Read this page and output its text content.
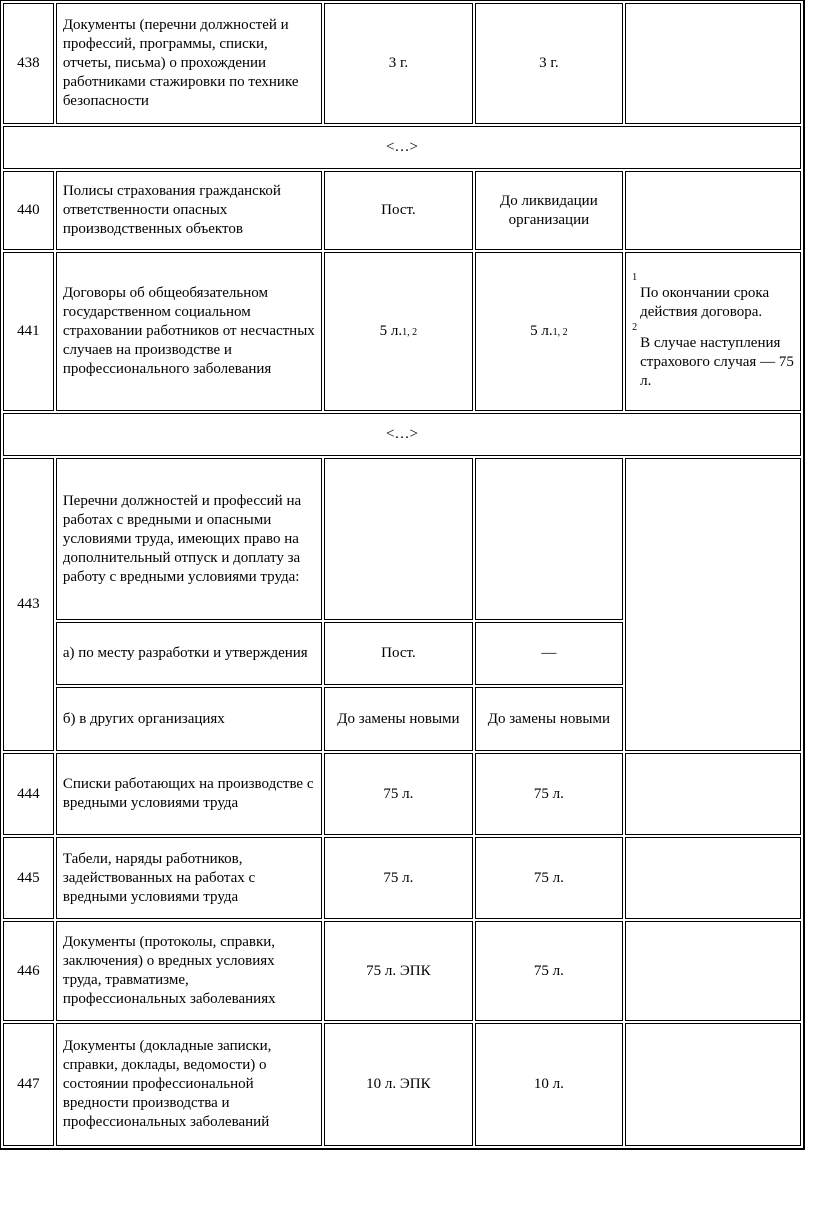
438	Документы (перечни должностей и профессий, программы, списки, отчеты, письма) о прохождении работниками стажировки по технике безопасности	3 г.	3 г.	
<…>				
440	Полисы страхования гражданской ответственности опасных производственных объектов	Пост.	До ликвидации организации	
441	Договоры об общеобязательном государственном социальном страховании работников от несчастных случаев на производстве и профессионального заболевания	5 л.1, 2	5 л.1, 2	1
По окончании срока действия договора.
2
В случае наступления страхового случая — 75 л.

<…>				
443	Перечни должностей и профессий на работах с вредными и опасными условиями труда, имеющих право на дополнительный отпуск и доплату за работу с вредными условиями труда:			
	а) по месту разработки и утверждения	Пост.	—	
	б) в других организациях	До замены новыми	До замены новыми	
444	Списки работающих на производстве с вредными условиями труда	75 л.	75 л.	
445	Табели, наряды работников, задействованных на работах с вредными условиями труда	75 л.	75 л.	
446	Документы (протоколы, справки, заключения) о вредных условиях труда, травматизме, профессиональных заболеваниях	75 л. ЭПК	75 л.	
447	Документы (докладные записки, справки, доклады, ведомости) о состоянии профессиональной вредности производства и профессиональных заболеваний	10 л. ЭПК	10 л.	
